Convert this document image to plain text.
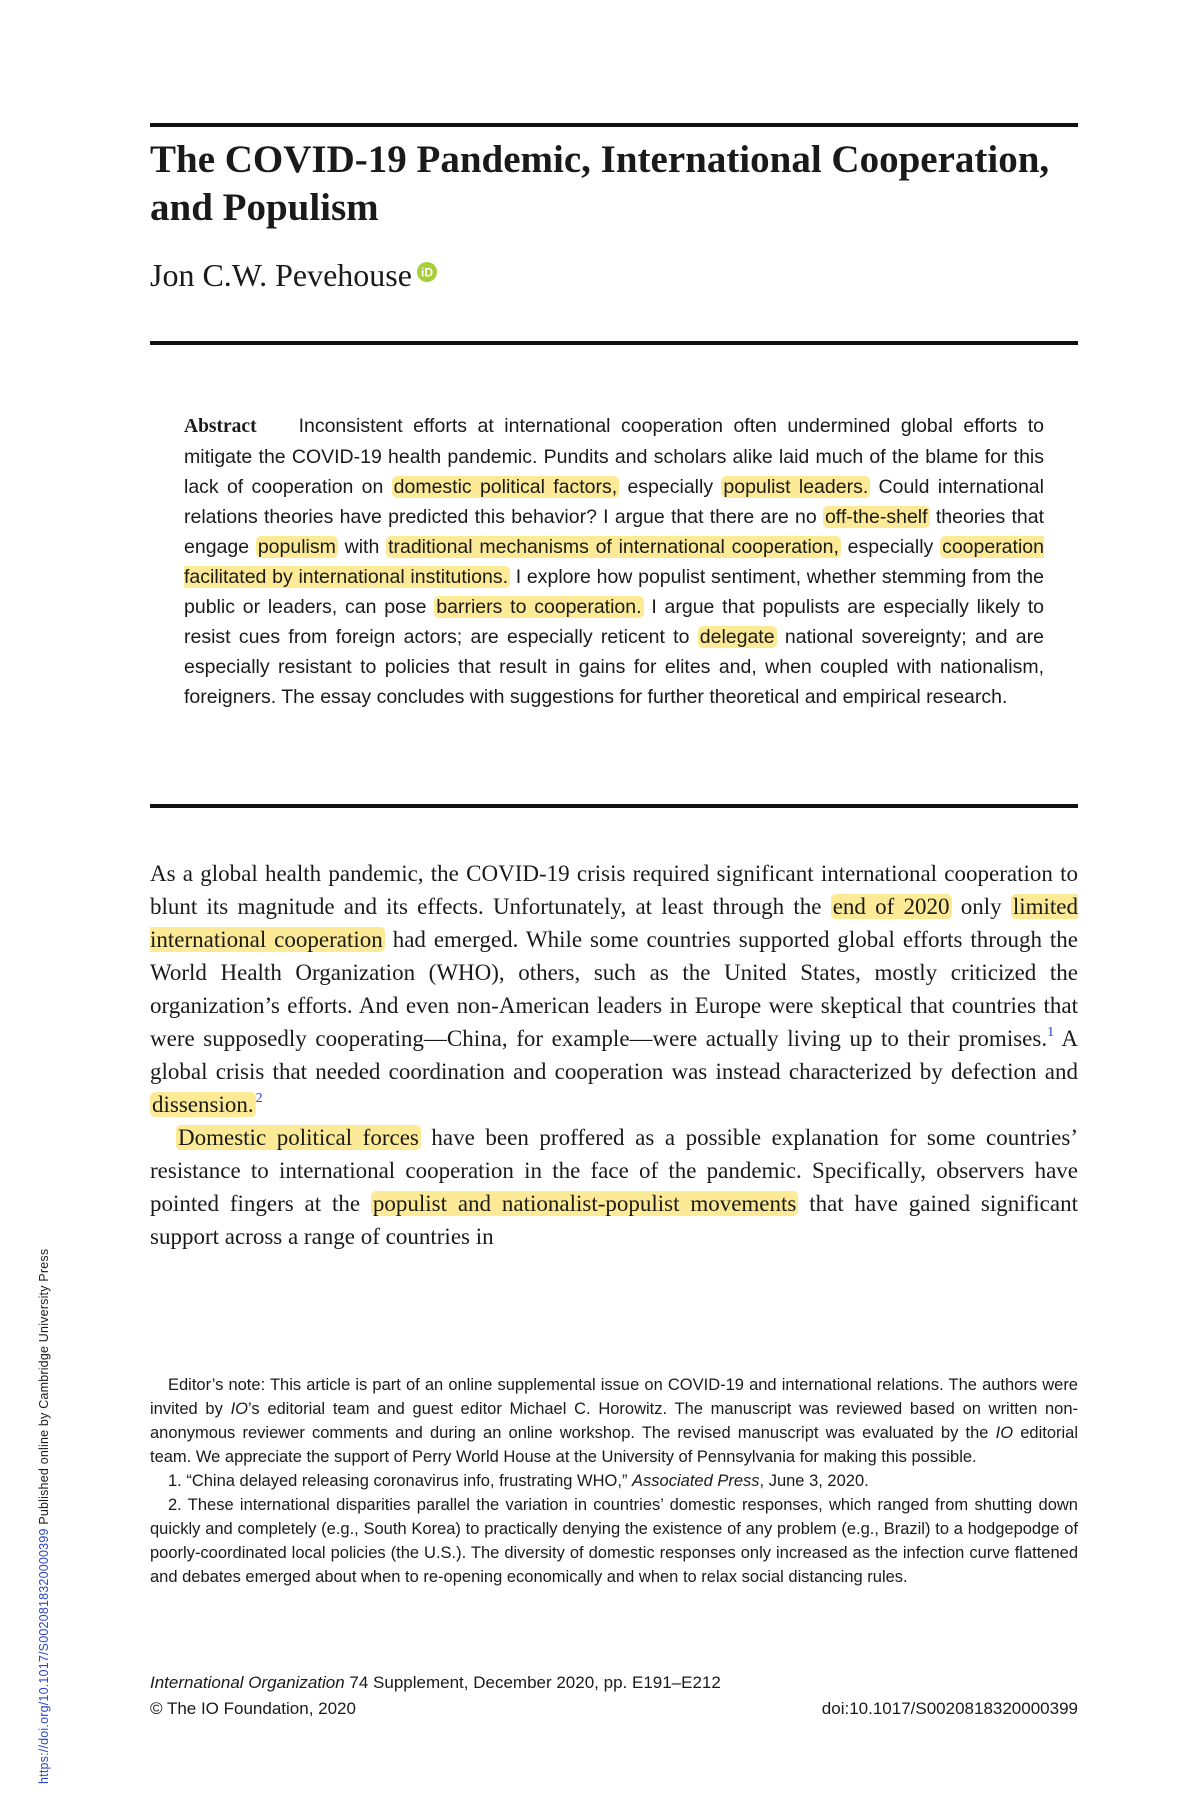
The COVID-19 Pandemic, International Cooperation, and Populism
Jon C.W. Pevehouse iD
Abstract Inconsistent efforts at international cooperation often undermined global efforts to mitigate the COVID-19 health pandemic. Pundits and scholars alike laid much of the blame for this lack of cooperation on domestic political factors, especially populist leaders. Could international relations theories have predicted this behavior? I argue that there are no off-the-shelf theories that engage populism with traditional mechanisms of international cooperation, especially cooperation facilitated by international institutions. I explore how populist sentiment, whether stemming from the public or leaders, can pose barriers to cooperation. I argue that populists are especially likely to resist cues from foreign actors; are especially reticent to delegate national sovereignty; and are especially resistant to policies that result in gains for elites and, when coupled with nationalism, foreigners. The essay concludes with suggestions for further theoretical and empirical research.

As a global health pandemic, the COVID-19 crisis required significant international cooperation to blunt its magnitude and its effects. Unfortunately, at least through the end of 2020 only limited international cooperation had emerged. While some countries supported global efforts through the World Health Organization (WHO), others, such as the United States, mostly criticized the organization’s efforts. And even non-American leaders in Europe were skeptical that countries that were supposedly cooperating—China, for example—were actually living up to their promises.$^1$ A global crisis that needed coordination and cooperation was instead characterized by defection and dissension. $^2$

Domestic political forces have been proffered as a possible explanation for some countries’ resistance to international cooperation in the face of the pandemic. Specifically, observers have pointed fingers at the populist and nationalist-populist movements that have gained significant support across a range of countries in

Editor’s note: This article is part of an online supplemental issue on COVID-19 and international relations. The authors were invited by IO’s editorial team and guest editor Michael C. Horowitz. The manuscript was reviewed based on written non-anonymous reviewer comments and during an online workshop. The revised manuscript was evaluated by the IO editorial team. We appreciate the support of Perry World House at the University of Pennsylvania for making this possible.

1. “China delayed releasing coronavirus info, frustrating WHO,” Associated Press, June 3, 2020.

2. These international disparities parallel the variation in countries’ domestic responses, which ranged from shutting down quickly and completely (e.g., South Korea) to practically denying the existence of any problem (e.g., Brazil) to a hodgepodge of poorly-coordinated local policies (the U.S.). The diversity of domestic responses only increased as the infection curve flattened and debates emerged about when to re-opening economically and when to relax social distancing rules.

International Organization 74 Supplement, December 2020, pp. E191–E212
© The IO Foundation, 2020	doi:10.1017/S0020818320000399
https://doi.org/10.1017/S0020818320000399 Published online by Cambridge University Press
